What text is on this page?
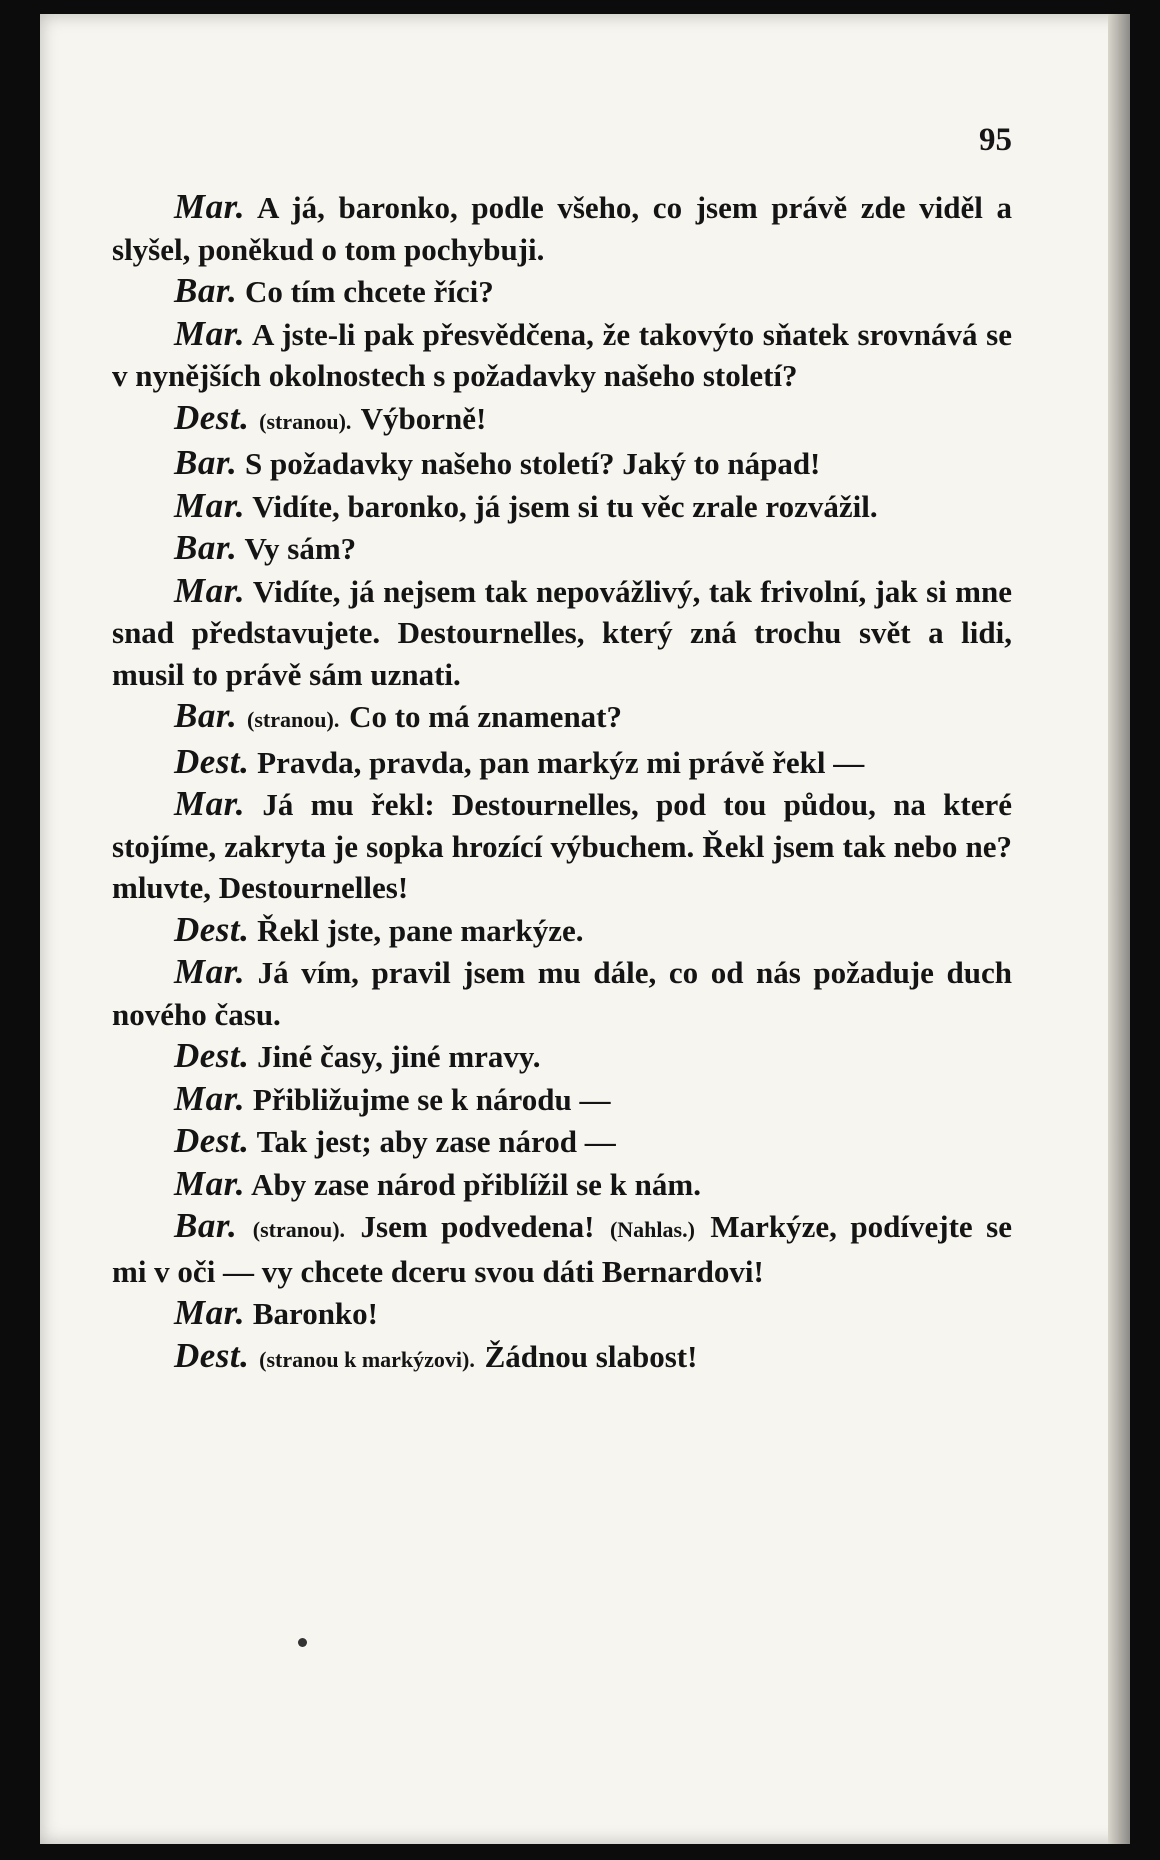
95

Mar. A já, baronko, podle všeho, co jsem právě zde viděl a slyšel, poněkud o tom pochybuji.

Bar. Co tím chcete říci?

Mar. A jste-li pak přesvědčena, že takovýto sňatek srovnává se v nynějších okolnostech s požadavky našeho století?

Dest. (stranou). Výborně!

Bar. S požadavky našeho století? Jaký to nápad!

Mar. Vidíte, baronko, já jsem si tu věc zrale rozvážil.

Bar. Vy sám?

Mar. Vidíte, já nejsem tak nepovážlivý, tak frivolní, jak si mne snad představujete. Destournelles, který zná trochu svět a lidi, musil to právě sám uznati.

Bar. (stranou). Co to má znamenat?

Dest. Pravda, pravda, pan markýz mi právě řekl —

Mar. Já mu řekl: Destournelles, pod tou půdou, na které stojíme, zakryta je sopka hrozící výbuchem. Řekl jsem tak nebo ne? mluvte, Destournelles!

Dest. Řekl jste, pane markýze.

Mar. Já vím, pravil jsem mu dále, co od nás požaduje duch nového času.

Dest. Jiné časy, jiné mravy.

Mar. Přibližujme se k národu —

Dest. Tak jest; aby zase národ —

Mar. Aby zase národ přiblížil se k nám.

Bar. (stranou). Jsem podvedena! (Nahlas.) Markýze, podívejte se mi v oči — vy chcete dceru svou dáti Bernardovi!

Mar. Baronko!

Dest. (stranou k markýzovi). Žádnou slabost!
